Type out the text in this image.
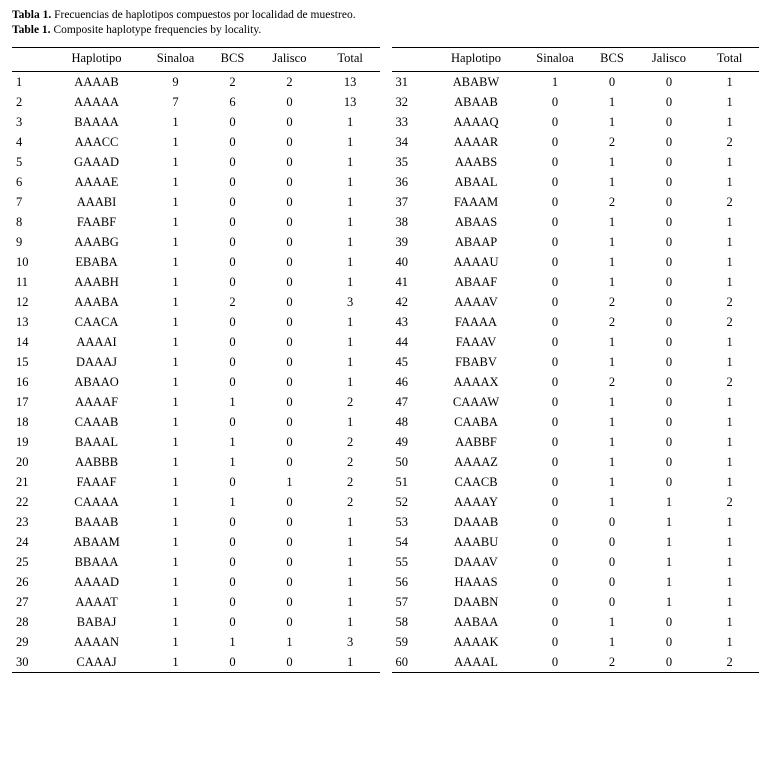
Tabla 1. Frecuencias de haplotipos compuestos por localidad de muestreo.
Table 1. Composite haplotype frequencies by locality.
	Haplotipo	Sinaloa	BCS	Jalisco	Total
1	AAAAB	9	2	2	13
2	AAAAA	7	6	0	13
3	BAAAA	1	0	0	1
4	AAACC	1	0	0	1
5	GAAAD	1	0	0	1
6	AAAAE	1	0	0	1
7	AAABI	1	0	0	1
8	FAABF	1	0	0	1
9	AAABG	1	0	0	1
10	EBABA	1	0	0	1
11	AAABH	1	0	0	1
12	AAABA	1	2	0	3
13	CAACA	1	0	0	1
14	AAAAI	1	0	0	1
15	DAAAJ	1	0	0	1
16	ABAAO	1	0	0	1
17	AAAAF	1	1	0	2
18	CAAAB	1	0	0	1
19	BAAAL	1	1	0	2
20	AABBB	1	1	0	2
21	FAAAF	1	0	1	2
22	CAAAA	1	1	0	2
23	BAAAB	1	0	0	1
24	ABAAM	1	0	0	1
25	BBAAA	1	0	0	1
26	AAAAD	1	0	0	1
27	AAAAT	1	0	0	1
28	BABAJ	1	0	0	1
29	AAAAN	1	1	1	3
30	CAAAJ	1	0	0	1
	Haplotipo	Sinaloa	BCS	Jalisco	Total
31	ABABW	1	0	0	1
32	ABAAB	0	1	0	1
33	AAAAQ	0	1	0	1
34	AAAAR	0	2	0	2
35	AAABS	0	1	0	1
36	ABAAL	0	1	0	1
37	FAAAM	0	2	0	2
38	ABAAS	0	1	0	1
39	ABAAP	0	1	0	1
40	AAAAU	0	1	0	1
41	ABAAF	0	1	0	1
42	AAAAV	0	2	0	2
43	FAAAA	0	2	0	2
44	FAAAV	0	1	0	1
45	FBABV	0	1	0	1
46	AAAAX	0	2	0	2
47	CAAAW	0	1	0	1
48	CAABA	0	1	0	1
49	AABBF	0	1	0	1
50	AAAAZ	0	1	0	1
51	CAACB	0	1	0	1
52	AAAAY	0	1	1	2
53	DAAAB	0	0	1	1
54	AAABU	0	0	1	1
55	DAAAV	0	0	1	1
56	HAAAS	0	0	1	1
57	DAABN	0	0	1	1
58	AABAA	0	1	0	1
59	AAAAK	0	1	0	1
60	AAAAL	0	2	0	2
